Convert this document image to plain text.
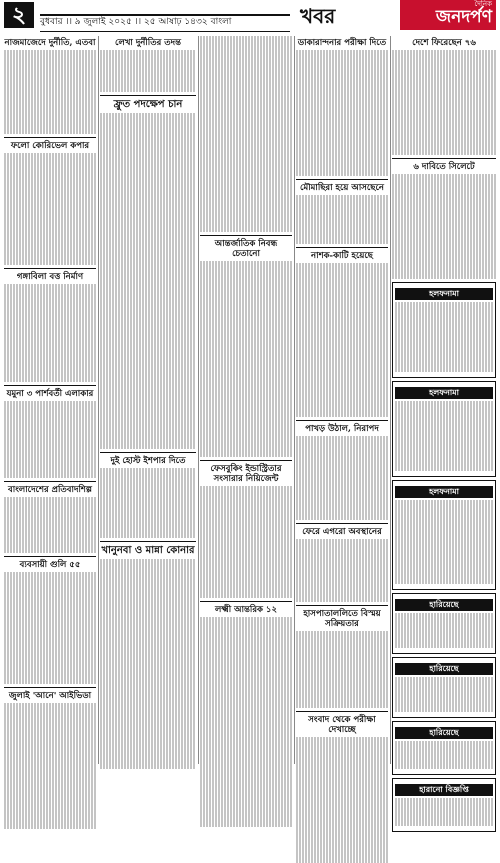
২	বুধবার ।। ৯ জুলাই ২০২৫ ।। ২৫ আষাঢ় ১৪৩২ বাংলা	খবর	দৈনিক
জনদর্পণ
নাজমাজেদে দুর্নীতি, এতবা
ফলো কোরিভেল কপার
গঙ্গাবিলা বত্ত নির্মাণ
যমুনা ৩ পার্শবর্তী এলাকার
বাংলাদেশের প্রতিবাদশিল্প
ব্যবসায়ী গুলি ৫৫
জুলাই 'আনে' আইভিডা
লেখা দুর্নীতির তদন্ত
ফ্রুত পদক্ষেপ চান
দুই হোস্ট ইশপার দিতে
খানুনবা ও মান্না কোনার
আন্তর্জাতিক নিবন্ধ চেতানো
ফেসবুকিং ইন্ডাস্ট্রিতার সংসারার নিয়িজেন্ট
লক্ষ্মী আন্তরিক ১২
ডাকারান্দনার পরীক্ষা দিতে
মৌমাছিরা হয়ে আসছেনে
নাশক-কাটি হয়েছে
পাখড় উঠাল, নিরাপদ
ফেরে এগরো অবস্থানের
হাসপাতাললিতে বিস্ময় সক্রিয়তার
সংবাদ থেকে পরীক্ষা দেখাচ্ছে
দেশে ফিরেছেন ৭৬
৬ দাবিতে সিলেটে
হলফনামা
হলফনামা
হলফনামা
হারিয়েছে
হারিয়েছে
হারিয়েছে
হারানো বিজ্ঞপ্তি
